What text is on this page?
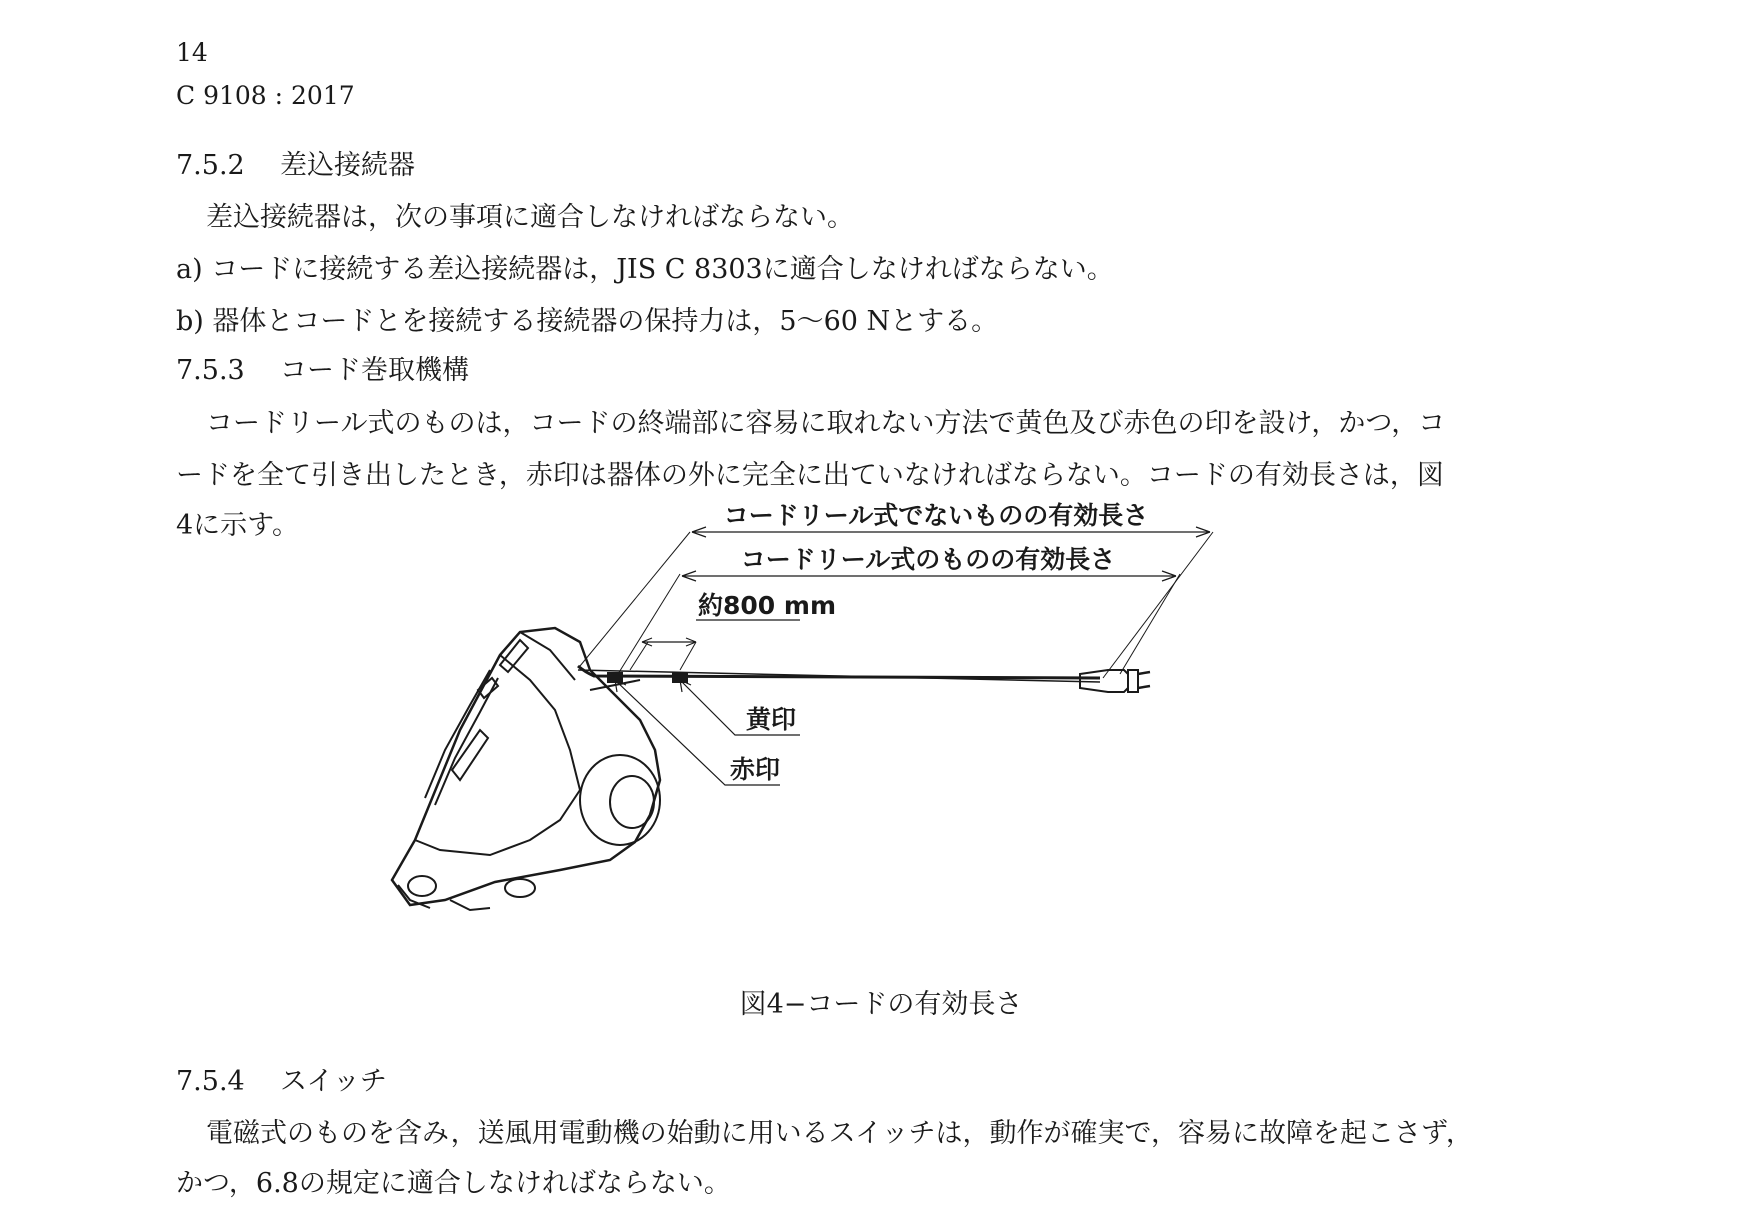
14
C 9108 : 2017
7.5.2 差込接続器
差込接続器は，次の事項に適合しなければならない。
a) コードに接続する差込接続器は，JIS C 8303に適合しなければならない。
b) 器体とコードとを接続する接続器の保持力は，5〜60 Nとする。
7.5.3 コード巻取機構
コードリール式のものは，コードの終端部に容易に取れない方法で黄色及び赤色の印を設け，かつ，コ
ードを全て引き出したとき，赤印は器体の外に完全に出ていなければならない。コードの有効長さは，図
4に示す。	コードリール式でないものの有効長さ
コードリール式のものの有効長さ
約800 mm
黄印
赤印
図4−コードの有効長さ
7.5.4 スイッチ
電磁式のものを含み，送風用電動機の始動に用いるスイッチは，動作が確実で，容易に故障を起こさず，
かつ，6.8の規定に適合しなければならない。
